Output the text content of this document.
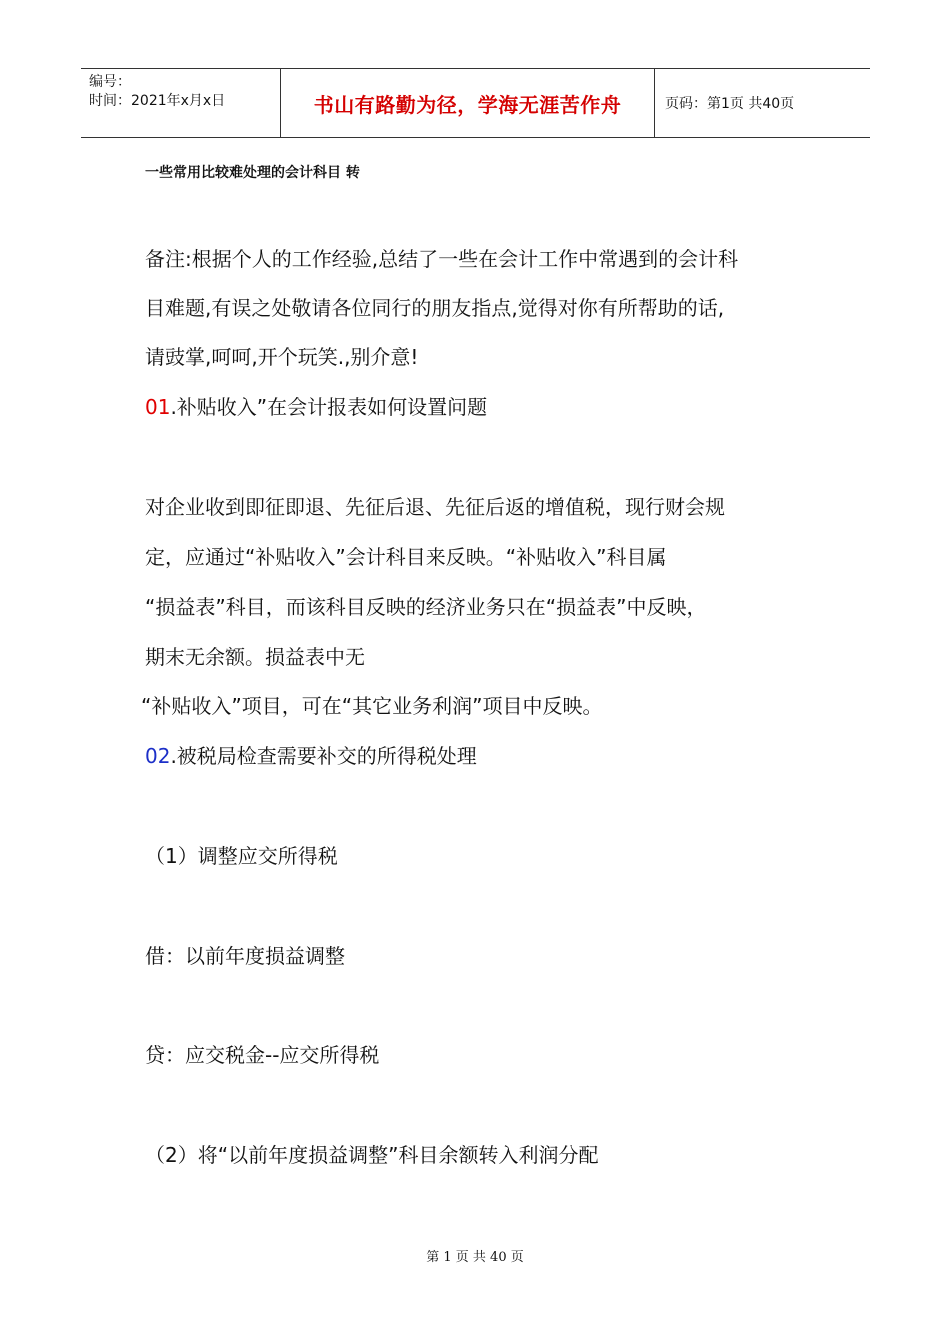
编号：
时间：2021年x月x日	书山有路勤为径，学海无涯苦作舟	页码：第1页 共40页
一些常用比较难处理的会计科目 转
备注:根据个人的工作经验,总结了一些在会计工作中常遇到的会计科
目难题,有误之处敬请各位同行的朋友指点,觉得对你有所帮助的话,
请豉掌,呵呵,开个玩笑.,别介意!
01.补贴收入”在会计报表如何设置问题
对企业收到即征即退、先征后退、先征后返的增值税，现行财会规
定，应通过“补贴收入”会计科目来反映。“补贴收入”科目属
“损益表”科目，而该科目反映的经济业务只在“损益表”中反映，
期末无余额。损益表中无
“补贴收入”项目，可在“其它业务利润”项目中反映。
02.被税局检查需要补交的所得税处理
（1）调整应交所得税
借：以前年度损益调整
贷：应交税金--应交所得税
（2）将“以前年度损益调整”科目余额转入利润分配
第 1 页 共 40 页
